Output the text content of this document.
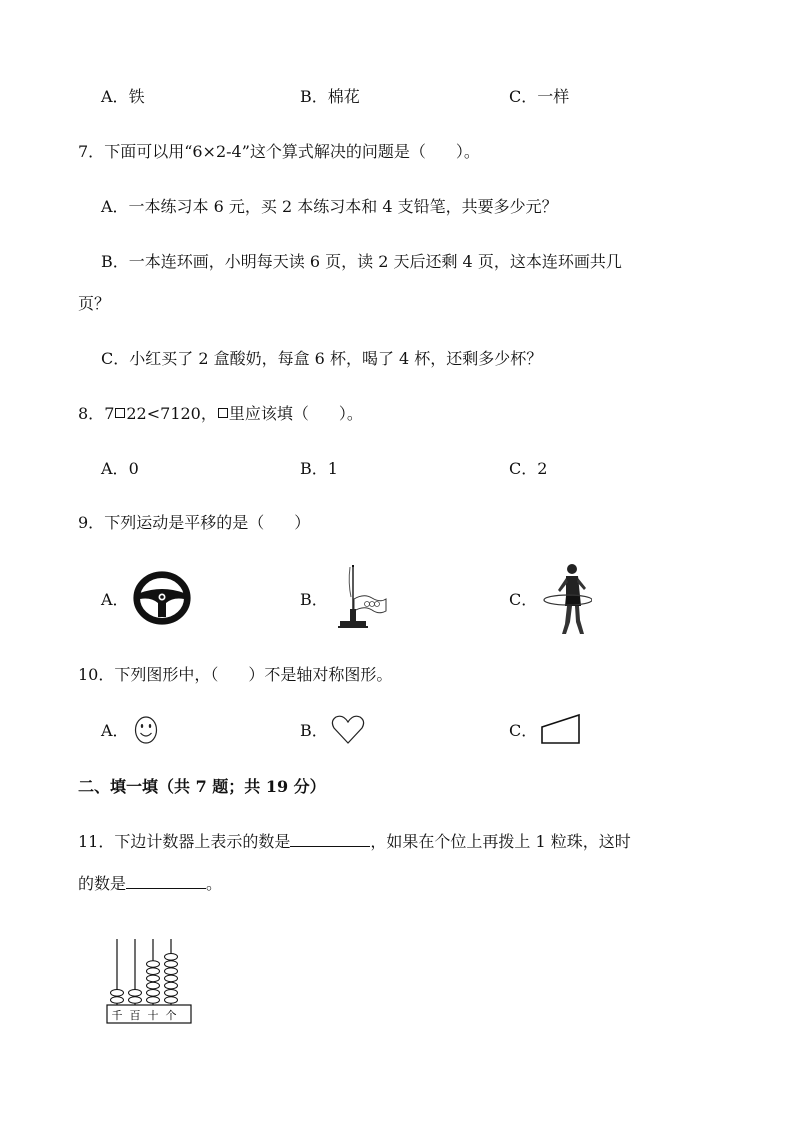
A．铁	B．棉花	C．一样
7．下面可以用“6×2-4”这个算式解决的问题是（ ）。
A．一本练习本 6 元，买 2 本练习本和 4 支铅笔，共要多少元？
B．一本连环画，小明每天读 6 页，读 2 天后还剩 4 页，这本连环画共几
页？
C．小红买了 2 盒酸奶，每盒 6 杯，喝了 4 杯，还剩多少杯？
8．7 22<7120， 里应该填（ ）。
A．0	B．1	C．2
9．下列运动是平移的是（ ）
A．	B．	C．
10．下列图形中，（ ）不是轴对称图形。
A．	B．	C．
二、填一填（共 7 题；共 19 分）
11．下边计数器上表示的数是	，如果在个位上再拨上 1 粒珠，这时
的数是	。
千 百 十 个
